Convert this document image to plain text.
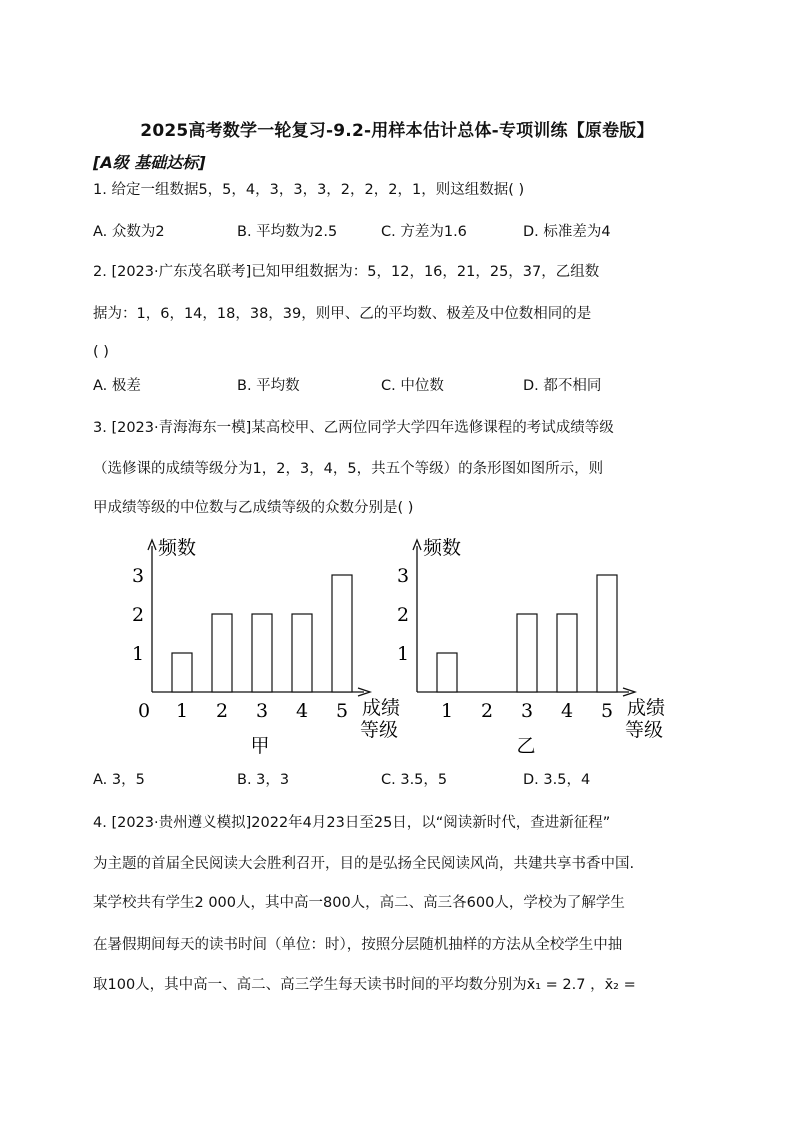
2025高考数学一轮复习-9.2-用样本估计总体-专项训练【原卷版】
[A级 基础达标]
1. 给定一组数据5，5，4，3，3，3，2，2，2，1，则这组数据( )
A. 众数为2	B. 平均数为2.5	C. 方差为1.6	D. 标准差为4
2. [2023·广东茂名联考]已知甲组数据为：5，12，16，21，25，37，乙组数
据为：1，6，14，18，38，39，则甲、乙的平均数、极差及中位数相同的是
( )
A. 极差	B. 平均数	C. 中位数	D. 都不相同
3. [2023·青海海东一模]某高校甲、乙两位同学大学四年选修课程的考试成绩等级
（选修课的成绩等级分为1，2，3，4，5，共五个等级）的条形图如图所示，则
甲成绩等级的中位数与乙成绩等级的众数分别是( )
频数
1
2
3
0 1 2 3 4 5 成绩
等级
甲
频数
1
2
3
1 2 3 4 5 成绩
等级
乙
A. 3，5	B. 3，3	C. 3.5，5	D. 3.5，4
4. [2023·贵州遵义模拟]2022年4月23日至25日，以“阅读新时代，查进新征程”
为主题的首届全民阅读大会胜利召开，目的是弘扬全民阅读风尚，共建共享书香中国.
某学校共有学生2 000人，其中高一800人，高二、高三各600人，学校为了解学生
在暑假期间每天的读书时间（单位：时），按照分层随机抽样的方法从全校学生中抽
取100人，其中高一、高二、高三学生每天读书时间的平均数分别为x̄₁ = 2.7 ，x̄₂ =
